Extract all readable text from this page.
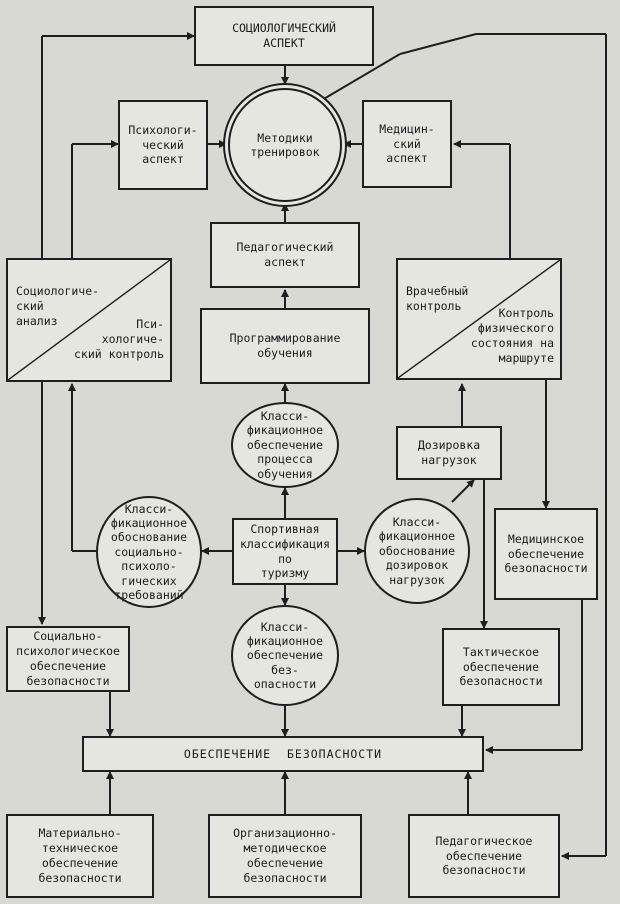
СОЦИОЛОГИЧЕСКИЙ
АСПЕКТ
Методики
тренировок
Психологи-
ческий
аспект
Медицин-
ский
аспект
Педагогический
аспект
Социологиче-
ский
анализ	Пси-
хологиче-
ский контроль
Врачебный
контроль
Контроль
физического
состояния на
маршруте
Программирование
обучения
Класси-
фикационное
обеспечение
процесса
обучения
Дозировка
нагрузок
Класси-
фикационное
обоснование
социально-
психоло-
гических
требований
Спортивная
классификация
по
туризму
Класси-
фикационное
обоснование
дозировок
нагрузок
Медицинское
обеспечение
безопасности
Социально-
психологическое
обеспечение
безопасности
Класси-
фикационное
обеспечение
без-
опасности
Тактическое
обеспечение
безопасности
ОБЕСПЕЧЕНИЕ БЕЗОПАСНОСТИ
Материально-
техническое
обеспечение
безопасности
Организационно-
методическое
обеспечение
безопасности
Педагогическое
обеспечение
безопасности
